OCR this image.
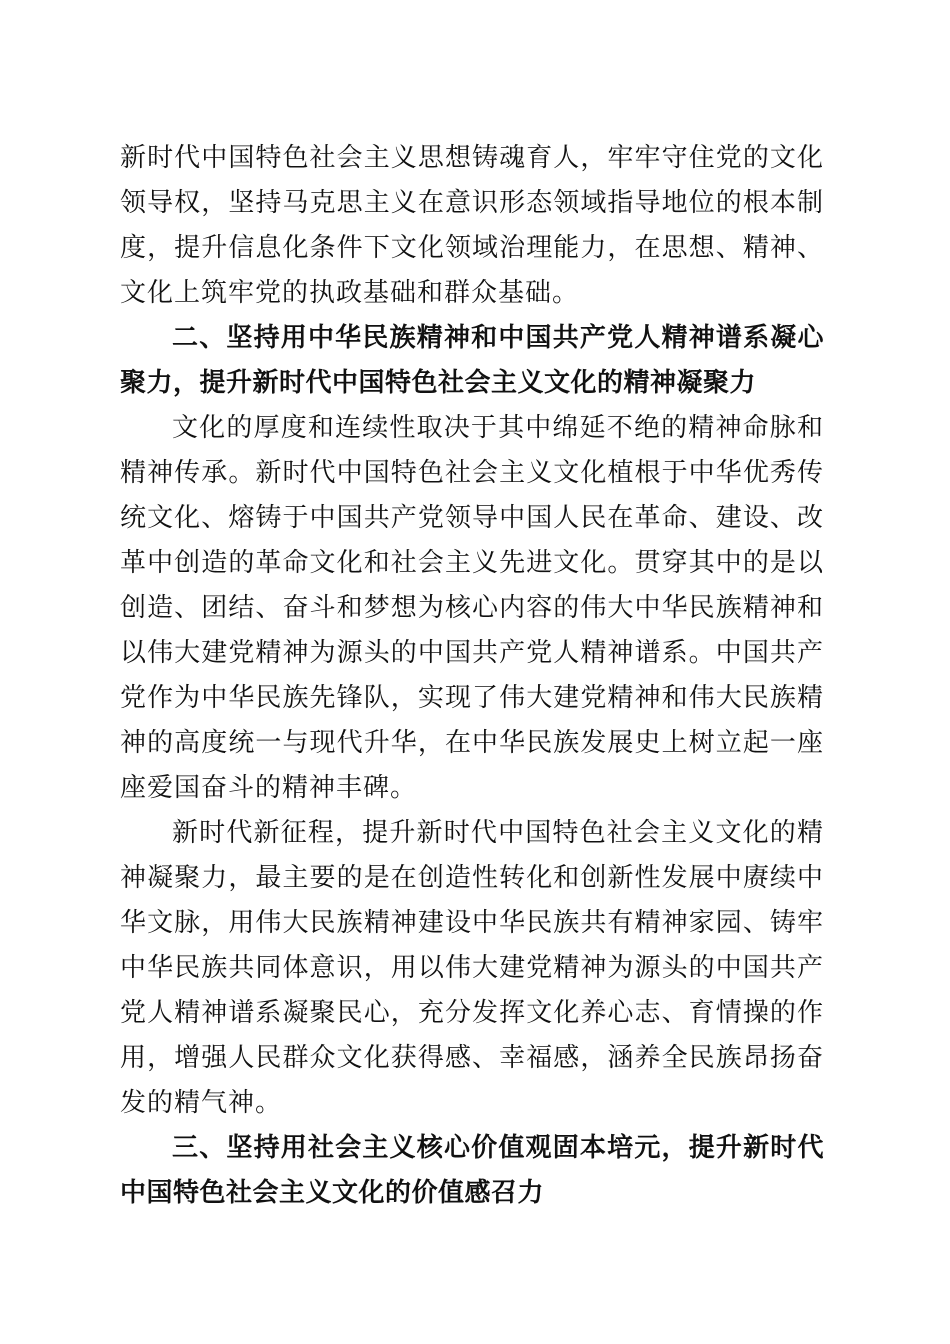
新时代中国特色社会主义思想铸魂育人，牢牢守住党的文化领导权，坚持马克思主义在意识形态领域指导地位的根本制度，提升信息化条件下文化领域治理能力，在思想、精神、文化上筑牢党的执政基础和群众基础。

二、坚持用中华民族精神和中国共产党人精神谱系凝心聚力，提升新时代中国特色社会主义文化的精神凝聚力

文化的厚度和连续性取决于其中绵延不绝的精神命脉和精神传承。新时代中国特色社会主义文化植根于中华优秀传统文化、熔铸于中国共产党领导中国人民在革命、建设、改革中创造的革命文化和社会主义先进文化。贯穿其中的是以创造、团结、奋斗和梦想为核心内容的伟大中华民族精神和以伟大建党精神为源头的中国共产党人精神谱系。中国共产党作为中华民族先锋队，实现了伟大建党精神和伟大民族精神的高度统一与现代升华，在中华民族发展史上树立起一座座爱国奋斗的精神丰碑。

新时代新征程，提升新时代中国特色社会主义文化的精神凝聚力，最主要的是在创造性转化和创新性发展中赓续中华文脉，用伟大民族精神建设中华民族共有精神家园、铸牢中华民族共同体意识，用以伟大建党精神为源头的中国共产党人精神谱系凝聚民心，充分发挥文化养心志、育情操的作用，增强人民群众文化获得感、幸福感，涵养全民族昂扬奋发的精气神。

三、坚持用社会主义核心价值观固本培元，提升新时代中国特色社会主义文化的价值感召力
